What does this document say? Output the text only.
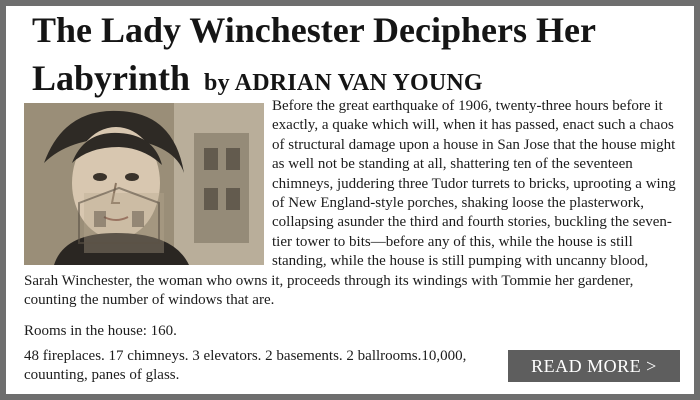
The Lady Winchester Deciphers Her Labyrinth by ADRIAN VAN YOUNG

Before the great earthquake of 1906, twenty-three hours before it exactly, a quake which will, when it has passed, enact such a chaos of structural damage upon a house in San Jose that the house might as well not be standing at all, shattering ten of the seventeen chimneys, juddering three Tudor turrets to bricks, uprooting a wing of New England-style porches, shaking loose the plasterwork, collapsing asunder the third and fourth stories, buckling the seven-tier tower to bits—before any of this, while the house is still standing, while the house is still pumping with uncanny blood, Sarah Winchester, the woman who owns it, proceeds through its windings with Tommie her gardener, counting the number of windows that are.

Rooms in the house: 160.

48 fireplaces. 17 chimneys. 3 elevators. 2 basements. 2 ballrooms.10,000, couunting, panes of glass.	READ MORE >
